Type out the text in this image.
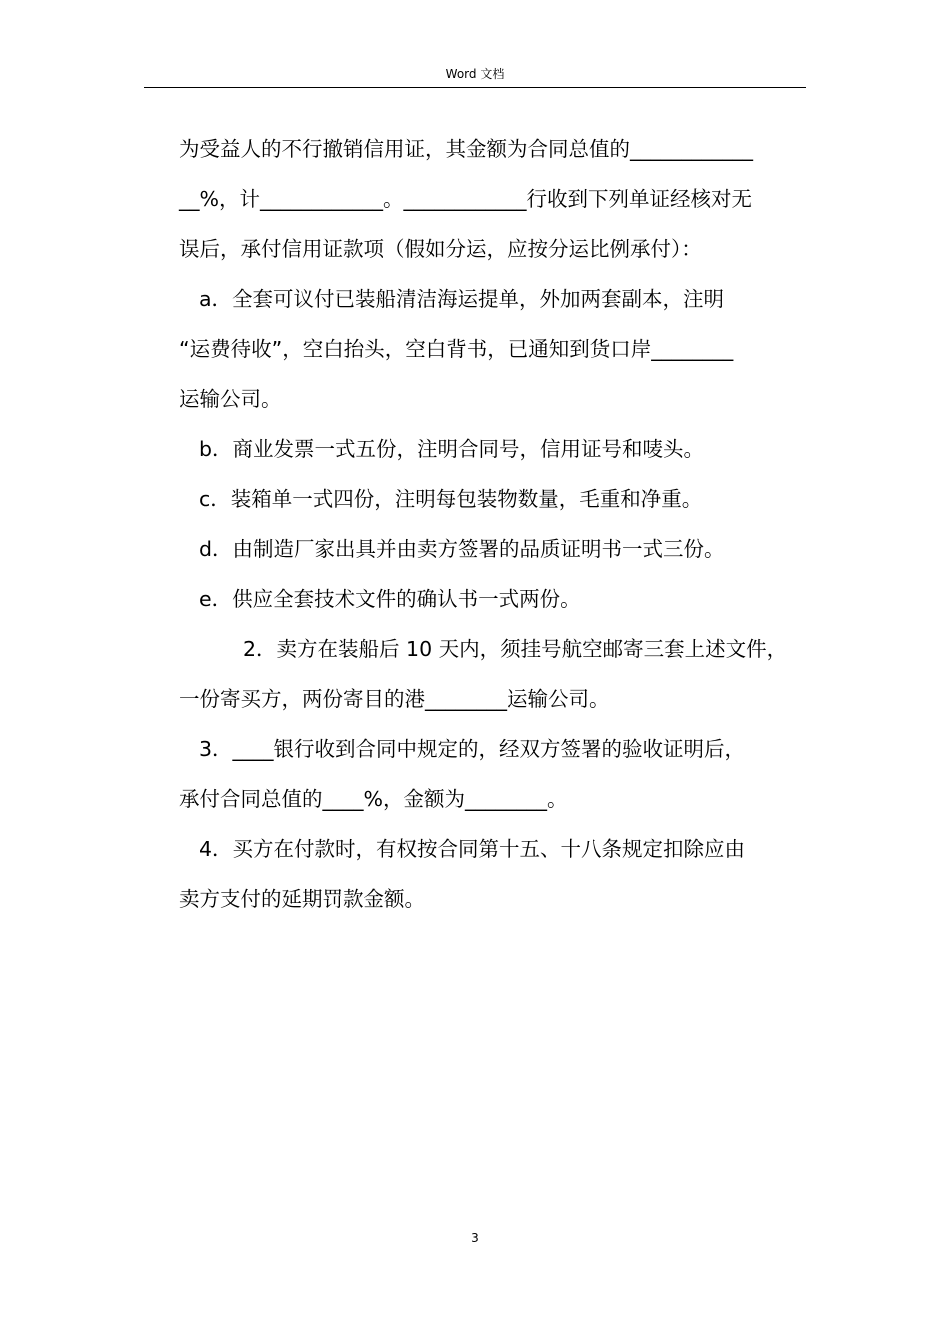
Word 文档
为受益人的不行撤销信用证，其金额为合同总值的____________
__%，计____________。____________行收到下列单证经核对无
误后，承付信用证款项（假如分运，应按分运比例承付）：
a．全套可议付已装船清洁海运提单，外加两套副本，注明
“运费待收”，空白抬头，空白背书，已通知到货口岸________
运输公司。
b．商业发票一式五份，注明合同号，信用证号和唛头。
c．装箱单一式四份，注明每包装物数量，毛重和净重。
d．由制造厂家出具并由卖方签署的品质证明书一式三份。
e．供应全套技术文件的确认书一式两份。
2．卖方在装船后 10 天内，须挂号航空邮寄三套上述文件，
一份寄买方，两份寄目的港________运输公司。
3．____银行收到合同中规定的，经双方签署的验收证明后，
承付合同总值的____%，金额为________。
4．买方在付款时，有权按合同第十五、十八条规定扣除应由
卖方支付的延期罚款金额。
3
